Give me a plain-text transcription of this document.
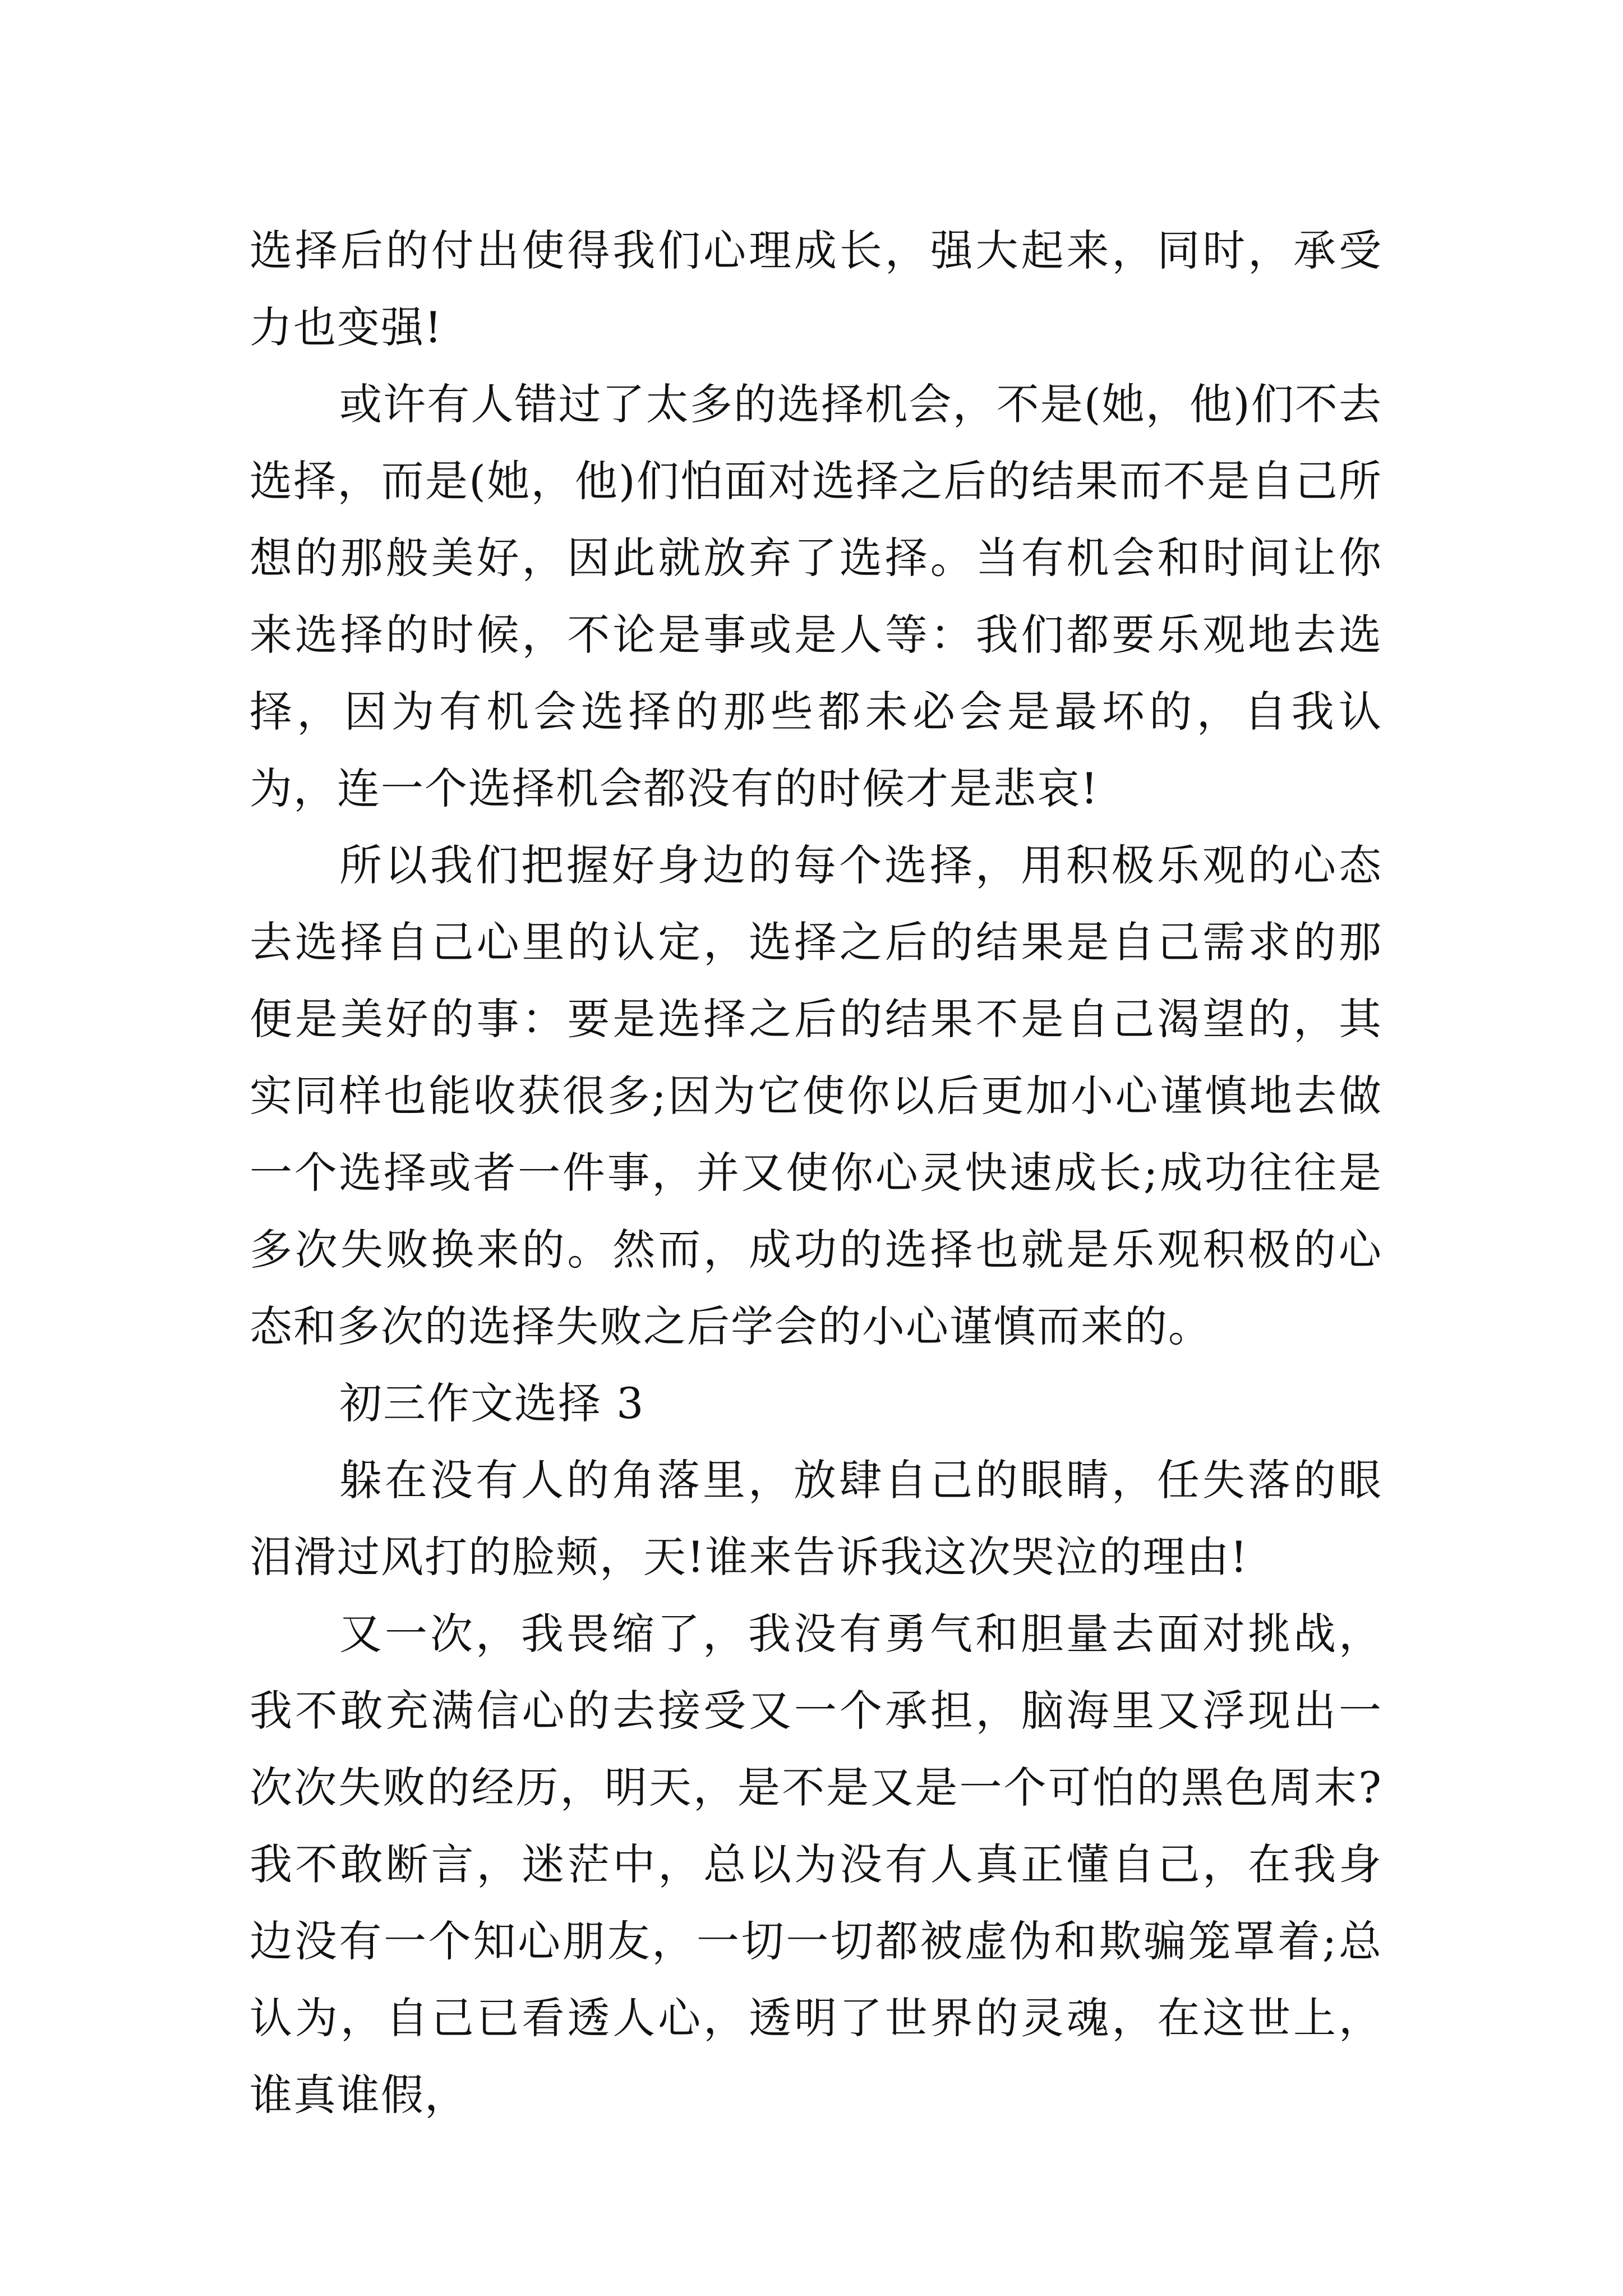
选择后的付出使得我们心理成长，强大起来，同时，承受力也变强!

或许有人错过了太多的选择机会，不是(她，他)们不去选择，而是(她，他)们怕面对选择之后的结果而不是自己所想的那般美好，因此就放弃了选择。当有机会和时间让你来选择的时候，不论是事或是人等：我们都要乐观地去选择，因为有机会选择的那些都未必会是最坏的，自我认为，连一个选择机会都没有的时候才是悲哀!

所以我们把握好身边的每个选择，用积极乐观的心态去选择自己心里的认定，选择之后的结果是自己需求的那便是美好的事：要是选择之后的结果不是自己渴望的，其实同样也能收获很多;因为它使你以后更加小心谨慎地去做一个选择或者一件事，并又使你心灵快速成长;成功往往是多次失败换来的。然而，成功的选择也就是乐观积极的心态和多次的选择失败之后学会的小心谨慎而来的。

初三作文选择 3

躲在没有人的角落里，放肆自己的眼睛，任失落的眼泪滑过风打的脸颊，天!谁来告诉我这次哭泣的理由!

又一次，我畏缩了，我没有勇气和胆量去面对挑战，我不敢充满信心的去接受又一个承担，脑海里又浮现出一次次失败的经历，明天，是不是又是一个可怕的黑色周末?我不敢断言，迷茫中，总以为没有人真正懂自己，在我身边没有一个知心朋友，一切一切都被虚伪和欺骗笼罩着;总认为，自己已看透人心，透明了世界的灵魂，在这世上，谁真谁假，
